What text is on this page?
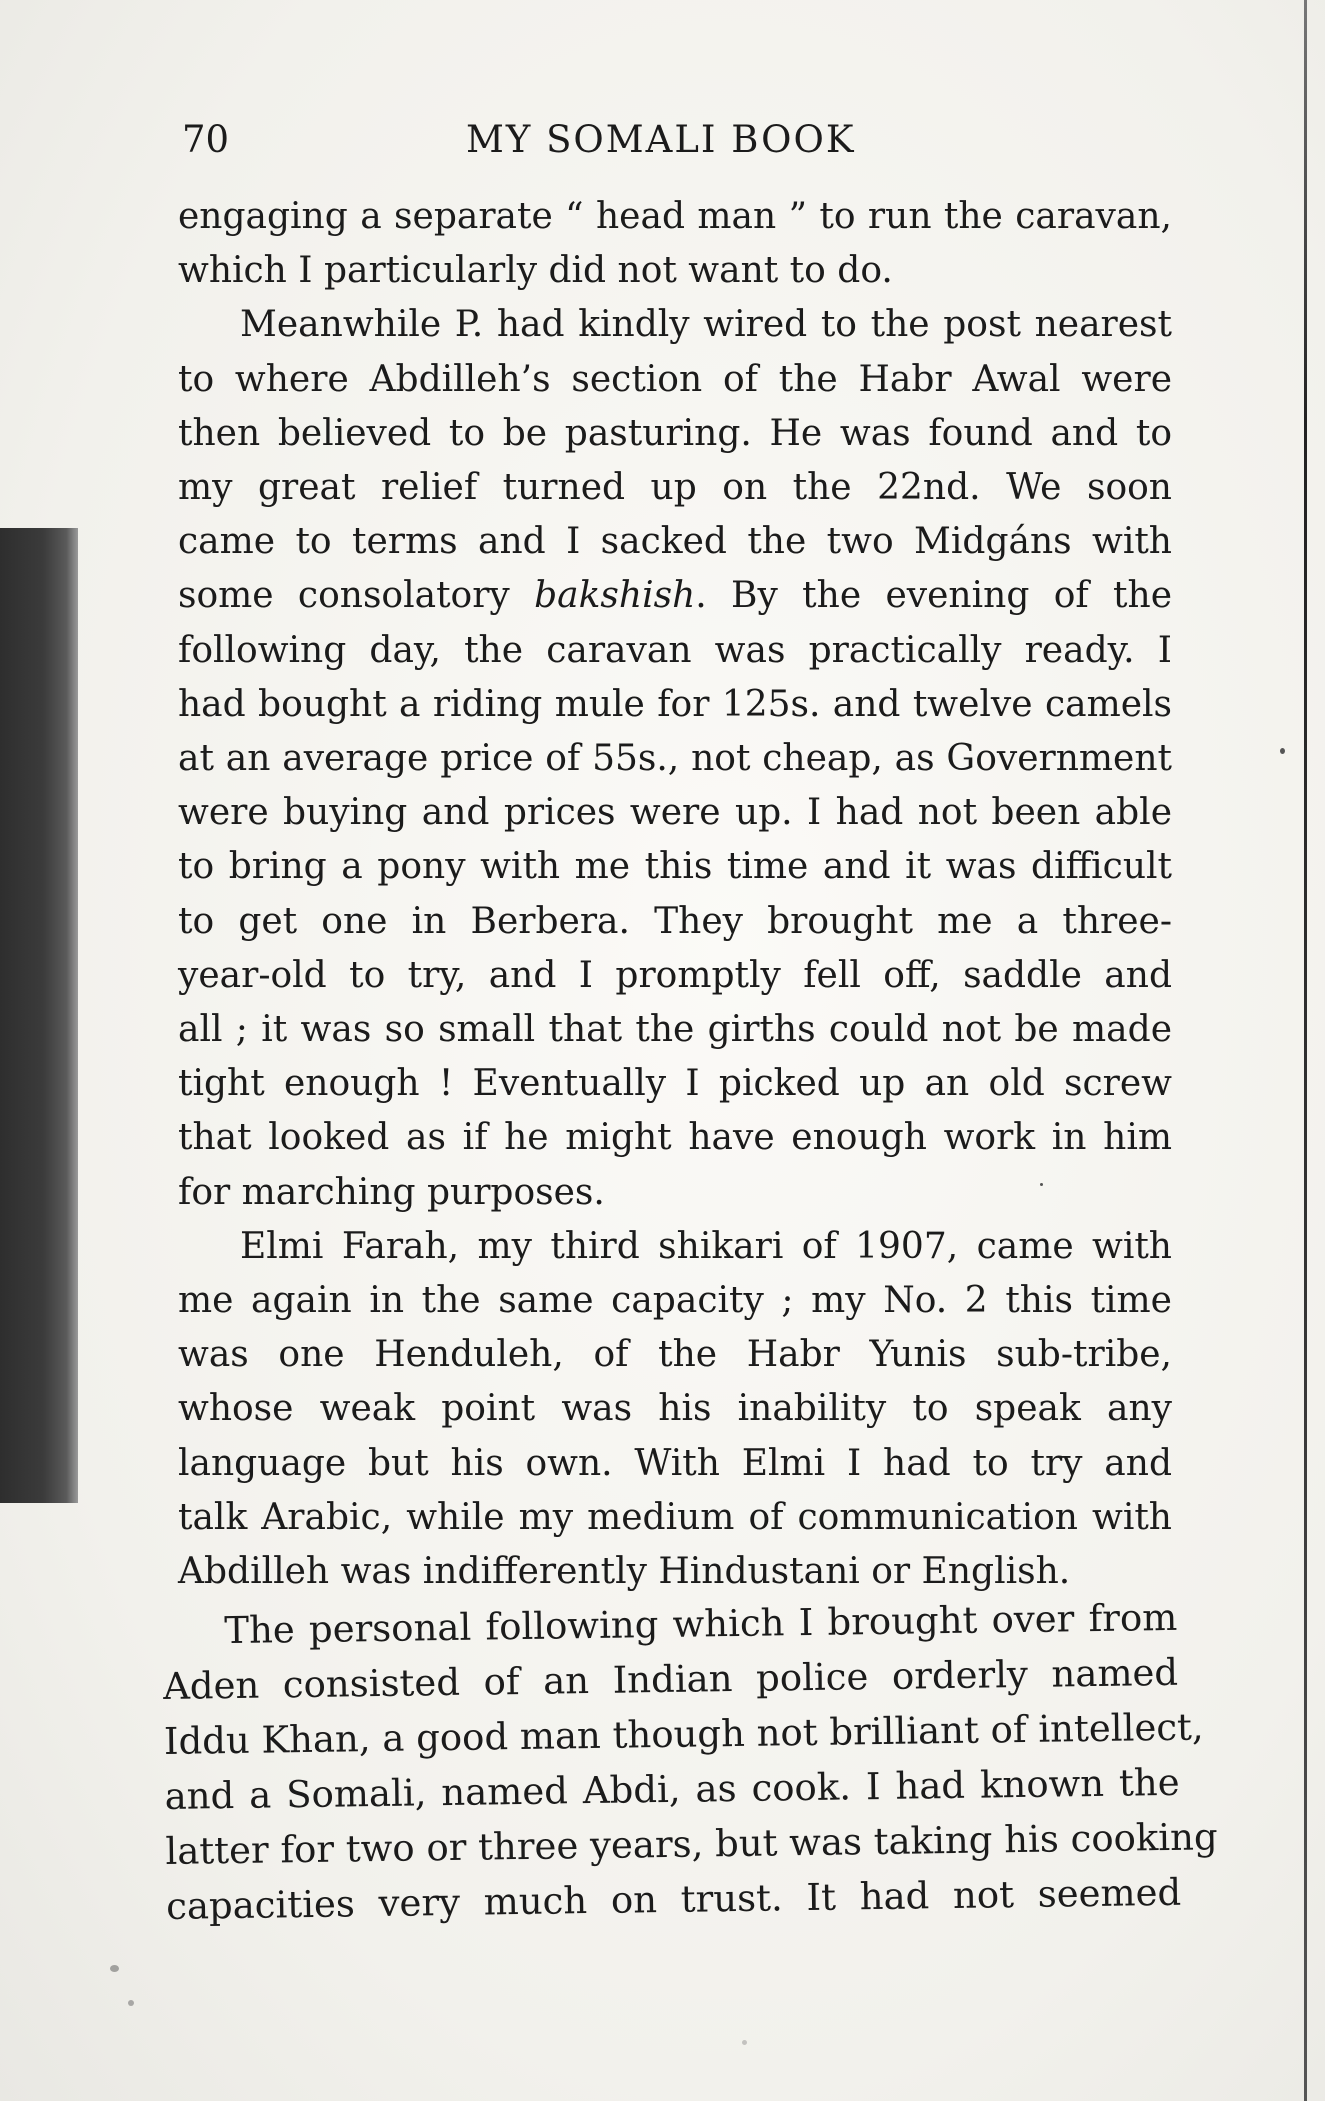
70	MY SOMALI BOOK

engaging a separate “ head man ” to run the caravan,
which I particularly did not want to do.

Meanwhile P. had kindly wired to the post nearest
to where Abdilleh’s section of the Habr Awal were
then believed to be pasturing. He was found and to
my great relief turned up on the 22nd. We soon
came to terms and I sacked the two Midgáns with
some consolatory bakshish. By the evening of the
following day, the caravan was practically ready. I
had bought a riding mule for 125s. and twelve camels
at an average price of 55s., not cheap, as Government
were buying and prices were up. I had not been able
to bring a pony with me this time and it was difficult
to get one in Berbera. They brought me a three-
year-old to try, and I promptly fell off, saddle and
all ; it was so small that the girths could not be made
tight enough ! Eventually I picked up an old screw
that looked as if he might have enough work in him
for marching purposes.

Elmi Farah, my third shikari of 1907, came with
me again in the same capacity ; my No. 2 this time
was one Henduleh, of the Habr Yunis sub-tribe,
whose weak point was his inability to speak any
language but his own. With Elmi I had to try and
talk Arabic, while my medium of communication with
Abdilleh was indifferently Hindustani or English.

The personal following which I brought over from
Aden consisted of an Indian police orderly named
Iddu Khan, a good man though not brilliant of intellect,
and a Somali, named Abdi, as cook. I had known the
latter for two or three years, but was taking his cooking
capacities very much on trust. It had not seemed
